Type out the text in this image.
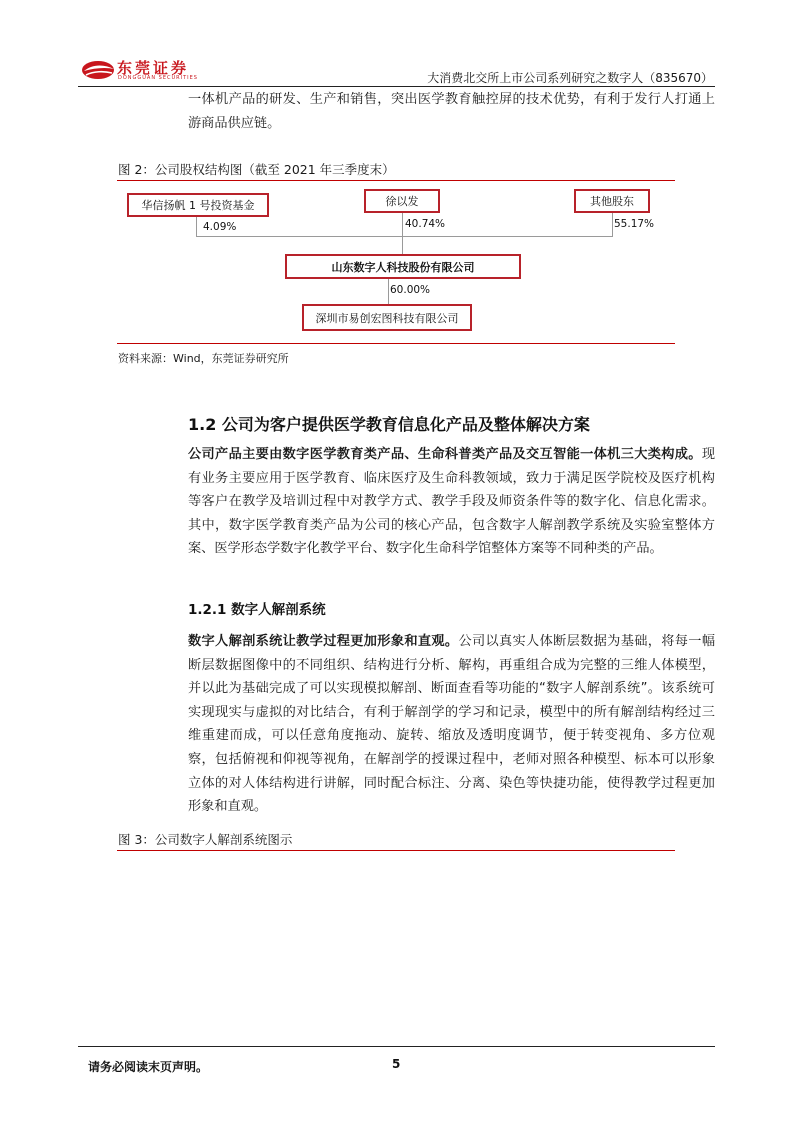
东莞证券
DONGGUAN SECURITIES	大消费北交所上市公司系列研究之数字人（835670）
一体机产品的研发、生产和销售，突出医学教育触控屏的技术优势，有利于发行人打通上游商品供应链。
图 2：公司股权结构图（截至 2021 年三季度末）
华信扬帆 1 号投资基金	徐以发	其他股东
4.09%	40.74%	55.17%
山东数字人科技股份有限公司
60.00%
深圳市易创宏图科技有限公司
资料来源：Wind，东莞证券研究所
1.2 公司为客户提供医学教育信息化产品及整体解决方案
公司产品主要由数字医学教育类产品、生命科普类产品及交互智能一体机三大类构成。现有业务主要应用于医学教育、临床医疗及生命科教领域，致力于满足医学院校及医疗机构等客户在教学及培训过程中对教学方式、教学手段及师资条件等的数字化、信息化需求。其中，数字医学教育类产品为公司的核心产品，包含数字人解剖教学系统及实验室整体方案、医学形态学数字化教学平台、数字化生命科学馆整体方案等不同种类的产品。
1.2.1 数字人解剖系统
数字人解剖系统让教学过程更加形象和直观。公司以真实人体断层数据为基础，将每一幅断层数据图像中的不同组织、结构进行分析、解构，再重组合成为完整的三维人体模型，并以此为基础完成了可以实现模拟解剖、断面查看等功能的“数字人解剖系统”。该系统可实现现实与虚拟的对比结合，有利于解剖学的学习和记录，模型中的所有解剖结构经过三维重建而成，可以任意角度拖动、旋转、缩放及透明度调节，便于转变视角、多方位观察，包括俯视和仰视等视角，在解剖学的授课过程中，老师对照各种模型、标本可以形象立体的对人体结构进行讲解，同时配合标注、分离、染色等快捷功能，使得教学过程更加形象和直观。
图 3：公司数字人解剖系统图示
请务必阅读末页声明。	5
